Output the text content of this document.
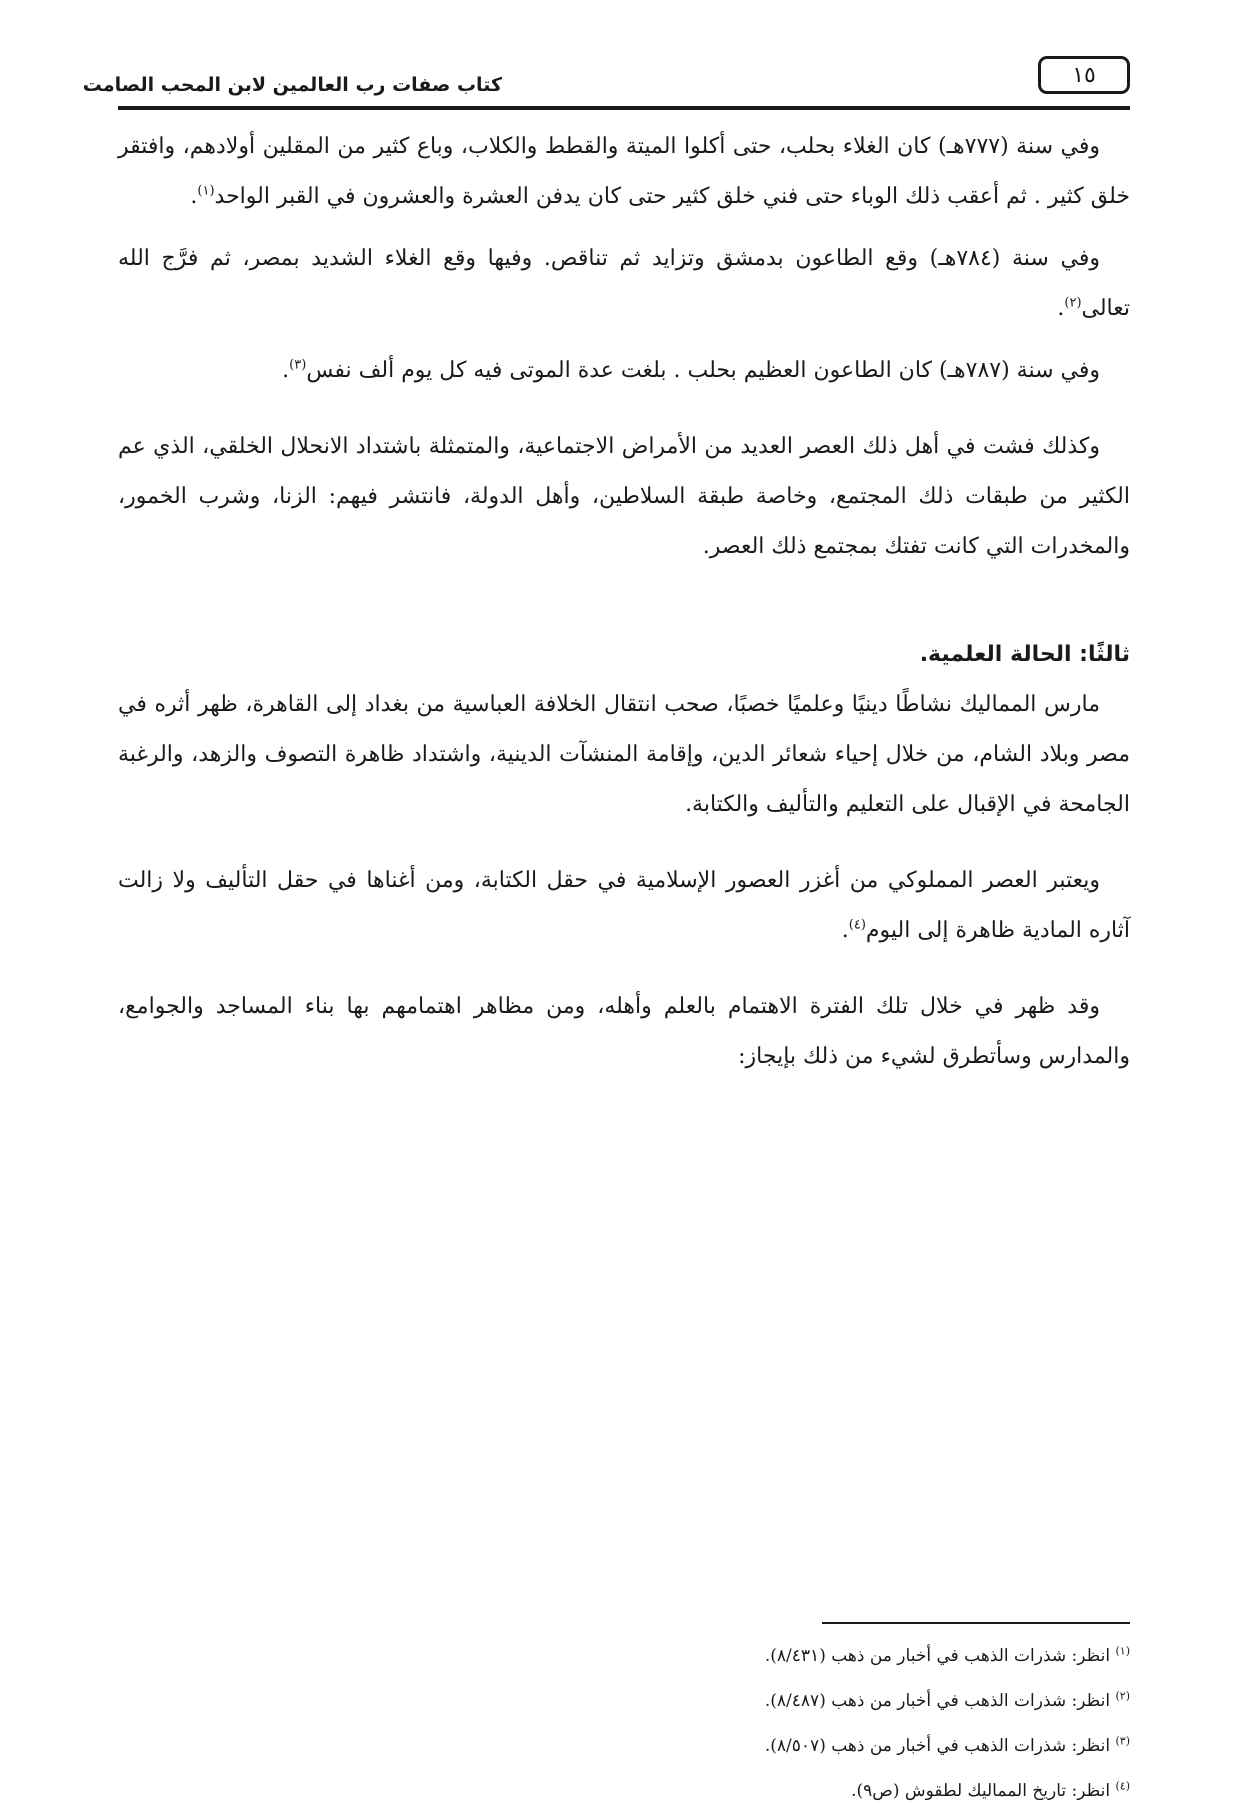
كتاب صفات رب العالمين لابن المحب الصامت	١٥

وفي سنة (٧٧٧هـ) كان الغلاء بحلب، حتى أكلوا الميتة والقطط والكلاب، وباع كثير من المقلين أولادهم، وافتقر خلق كثير . ثم أعقب ذلك الوباء حتى فني خلق كثير حتى كان يدفن العشرة والعشرون في القبر الواحد$^{(١)}$.

وفي سنة (٧٨٤هـ) وقع الطاعون بدمشق وتزايد ثم تناقص. وفيها وقع الغلاء الشديد بمصر، ثم فرَّج الله تعالى$^{(٢)}$.

وفي سنة (٧٨٧هـ) كان الطاعون العظيم بحلب . بلغت عدة الموتى فيه كل يوم ألف نفس$^{(٣)}$.

وكذلك فشت في أهل ذلك العصر العديد من الأمراض الاجتماعية، والمتمثلة باشتداد الانحلال الخلقي، الذي عم الكثير من طبقات ذلك المجتمع، وخاصة طبقة السلاطين، وأهل الدولة، فانتشر فيهم: الزنا، وشرب الخمور، والمخدرات التي كانت تفتك بمجتمع ذلك العصر.

ثالثًا: الحالة العلمية.

مارس المماليك نشاطًا دينيًا وعلميًا خصبًا، صحب انتقال الخلافة العباسية من بغداد إلى القاهرة، ظهر أثره في مصر وبلاد الشام، من خلال إحياء شعائر الدين، وإقامة المنشآت الدينية، واشتداد ظاهرة التصوف والزهد، والرغبة الجامحة في الإقبال على التعليم والتأليف والكتابة.

ويعتبر العصر المملوكي من أغزر العصور الإسلامية في حقل الكتابة، ومن أغناها في حقل التأليف ولا زالت آثاره المادية ظاهرة إلى اليوم$^{(٤)}$.

وقد ظهر في خلال تلك الفترة الاهتمام بالعلم وأهله، ومن مظاهر اهتمامهم بها بناء المساجد والجوامع، والمدارس وسأتطرق لشيء من ذلك بإيجاز:

$^{(١)}$ انظر: شذرات الذهب في أخبار من ذهب (٨/٤٣١).

$^{(٢)}$ انظر: شذرات الذهب في أخبار من ذهب (٨/٤٨٧).

$^{(٣)}$ انظر: شذرات الذهب في أخبار من ذهب (٨/٥٠٧).

$^{(٤)}$ انظر: تاريخ المماليك لطقوش (ص٩).
